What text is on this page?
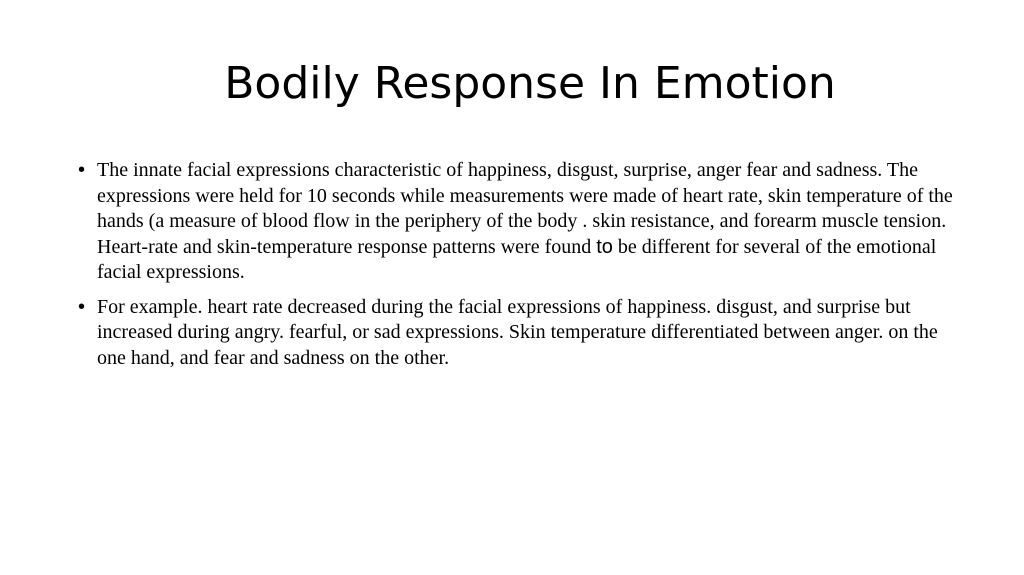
Bodily Response In Emotion
• The innate facial expressions characteristic of happiness, disgust, surprise, anger fear and sadness. The expressions were held for 10 seconds while measurements were made of heart rate, skin temperature of the hands (a measure of blood flow in the periphery of the body . skin resistance, and forearm muscle tension. Heart-rate and skin-temperature response patterns were found to be different for several of the emotional facial expressions.
• For example. heart rate decreased during the facial expressions of happiness. disgust, and surprise but increased during angry. fearful, or sad expressions. Skin temperature differentiated between anger. on the one hand, and fear and sadness on the other.
